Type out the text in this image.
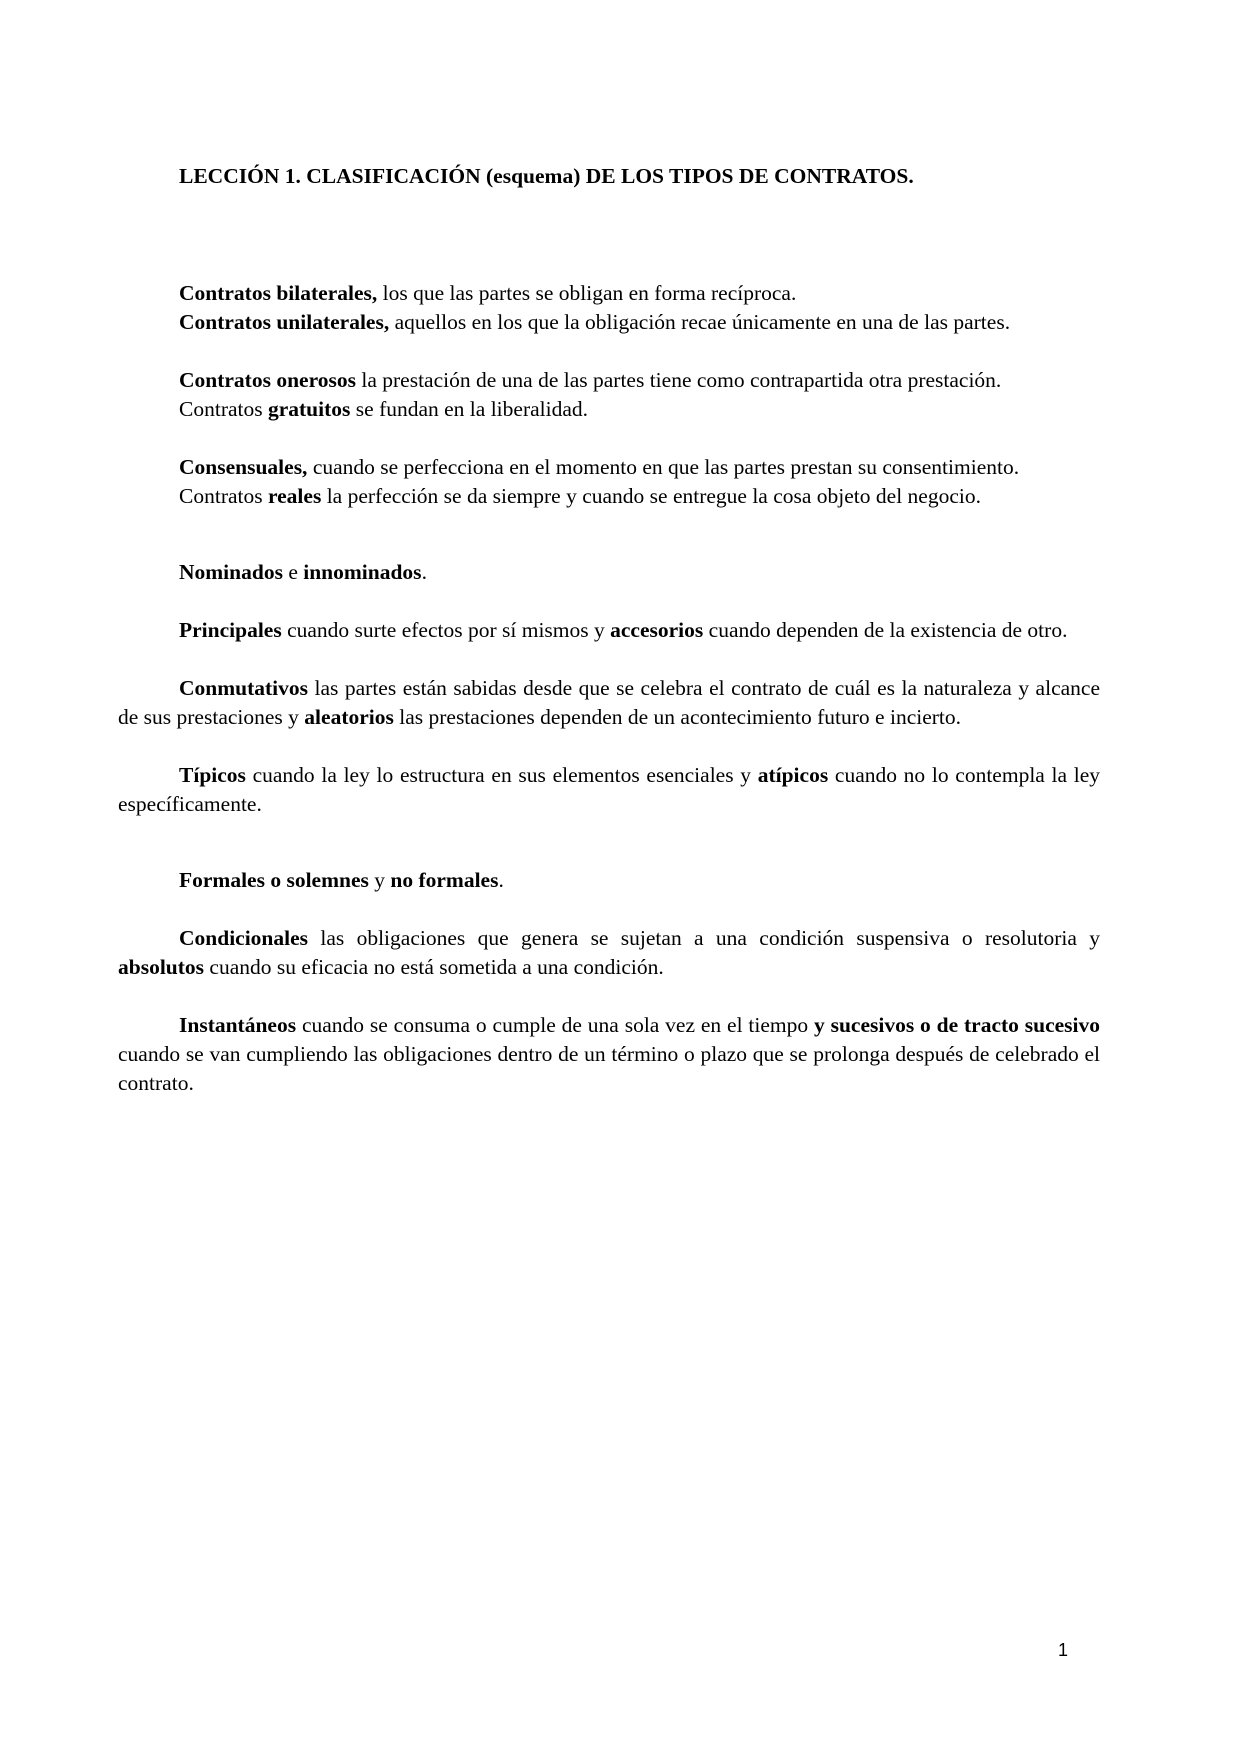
LECCIÓN 1. CLASIFICACIÓN (esquema) DE LOS TIPOS DE CONTRATOS.

Contratos bilaterales, los que las partes se obligan en forma recíproca.

Contratos unilaterales, aquellos en los que la obligación recae únicamente en una de las partes.

Contratos onerosos la prestación de una de las partes tiene como contrapartida otra prestación.

Contratos gratuitos se fundan en la liberalidad.

Consensuales, cuando se perfecciona en el momento en que las partes prestan su consentimiento.

Contratos reales la perfección se da siempre y cuando se entregue la cosa objeto del negocio.

Nominados e innominados.

Principales cuando surte efectos por sí mismos y accesorios cuando dependen de la existencia de otro.

Conmutativos las partes están sabidas desde que se celebra el contrato de cuál es la naturaleza y alcance de sus prestaciones y aleatorios las prestaciones dependen de un acontecimiento futuro e incierto.

Típicos cuando la ley lo estructura en sus elementos esenciales y atípicos cuando no lo contempla la ley específicamente.

Formales o solemnes y no formales.

Condicionales las obligaciones que genera se sujetan a una condición suspensiva o resolutoria y absolutos cuando su eficacia no está sometida a una condición.

Instantáneos cuando se consuma o cumple de una sola vez en el tiempo y sucesivos o de tracto sucesivo cuando se van cumpliendo las obligaciones dentro de un término o plazo que se prolonga después de celebrado el contrato.

1
